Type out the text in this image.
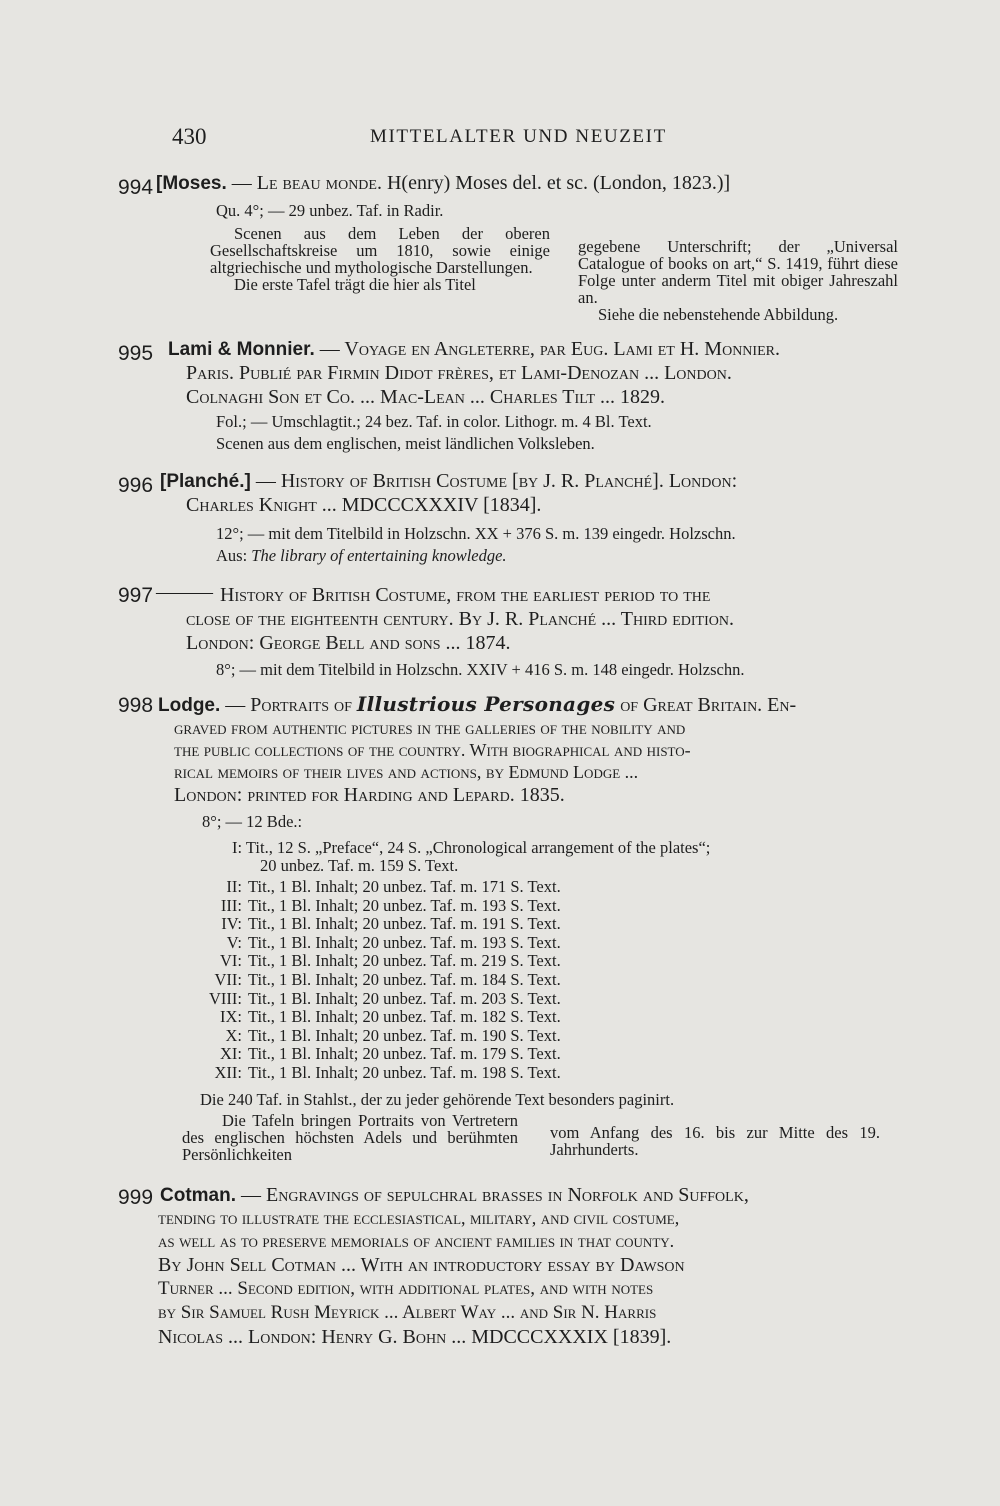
430	MITTELALTER UND NEUZEIT
994 [Moses. — Le beau monde. H(enry) Moses del. et sc. (London, 1823.)]
Qu. 4°; — 29 unbez. Taf. in Radir.
Scenen aus dem Leben der oberen Gesellschaftskreise um 1810, sowie einige altgriechische und mythologische Darstellungen.
Die erste Tafel trägt die hier als Titel
gegebene Unterschrift; der „Universal Catalogue of books on art,“ S. 1419, führt diese Folge unter anderm Titel mit obiger Jahreszahl an.
Siehe die nebenstehende Abbildung.
995 Lami & Monnier. — Voyage en Angleterre, par Eug. Lami et H. Monnier.
Paris. Publié par Firmin Didot frères, et Lami-Denozan ... London.
Colnaghi Son et Co. ... Mac-Lean ... Charles Tilt ... 1829.
Fol.; — Umschlagtit.; 24 bez. Taf. in color. Lithogr. m. 4 Bl. Text.
Scenen aus dem englischen, meist ländlichen Volksleben.
996 [Planché.] — History of British Costume [by J. R. Planché]. London:
Charles Knight ... MDCCCXXXIV [1834].
12°; — mit dem Titelbild in Holzschn. XX + 376 S. m. 139 eingedr. Holzschn.
Aus: The library of entertaining knowledge.
997 ——— History of British Costume, from the earliest period to the
close of the eighteenth century. By J. R. Planché ... Third edition.
London: George Bell and sons ... 1874.
8°; — mit dem Titelbild in Holzschn. XXIV + 416 S. m. 148 eingedr. Holzschn.
998 Lodge. — Portraits of Illustrious Personages of Great Britain. En-
graved from authentic pictures in the galleries of the nobility and
the public collections of the country. With biographical and histo-
rical memoirs of their lives and actions, by Edmund Lodge ...
London: printed for Harding and Lepard. 1835.
8°; — 12 Bde.:
I: Tit., 12 S. „Preface“, 24 S. „Chronological arrangement of the plates“;
20 unbez. Taf. m. 159 S. Text.
II: Tit., 1 Bl. Inhalt; 20 unbez. Taf. m. 171 S. Text.
III: Tit., 1 Bl. Inhalt; 20 unbez. Taf. m. 193 S. Text.
IV: Tit., 1 Bl. Inhalt; 20 unbez. Taf. m. 191 S. Text.
V: Tit., 1 Bl. Inhalt; 20 unbez. Taf. m. 193 S. Text.
VI: Tit., 1 Bl. Inhalt; 20 unbez. Taf. m. 219 S. Text.
VII: Tit., 1 Bl. Inhalt; 20 unbez. Taf. m. 184 S. Text.
VIII: Tit., 1 Bl. Inhalt; 20 unbez. Taf. m. 203 S. Text.
IX: Tit., 1 Bl. Inhalt; 20 unbez. Taf. m. 182 S. Text.
X: Tit., 1 Bl. Inhalt; 20 unbez. Taf. m. 190 S. Text.
XI: Tit., 1 Bl. Inhalt; 20 unbez. Taf. m. 179 S. Text.
XII: Tit., 1 Bl. Inhalt; 20 unbez. Taf. m. 198 S. Text.
Die 240 Taf. in Stahlst., der zu jeder gehörende Text besonders paginirt.
Die Tafeln bringen Portraits von Vertretern des englischen höchsten Adels und berühmten Persönlichkeiten
vom Anfang des 16. bis zur Mitte des 19. Jahrhunderts.
999 Cotman. — Engravings of sepulchral brasses in Norfolk and Suffolk,
tending to illustrate the ecclesiastical, military, and civil costume,
as well as to preserve memorials of ancient families in that county.
By John Sell Cotman ... With an introductory essay by Dawson
Turner ... Second edition, with additional plates, and with notes
by Sir Samuel Rush Meyrick ... Albert Way ... and Sir N. Harris
Nicolas ... London: Henry G. Bohn ... MDCCCXXXIX [1839].
